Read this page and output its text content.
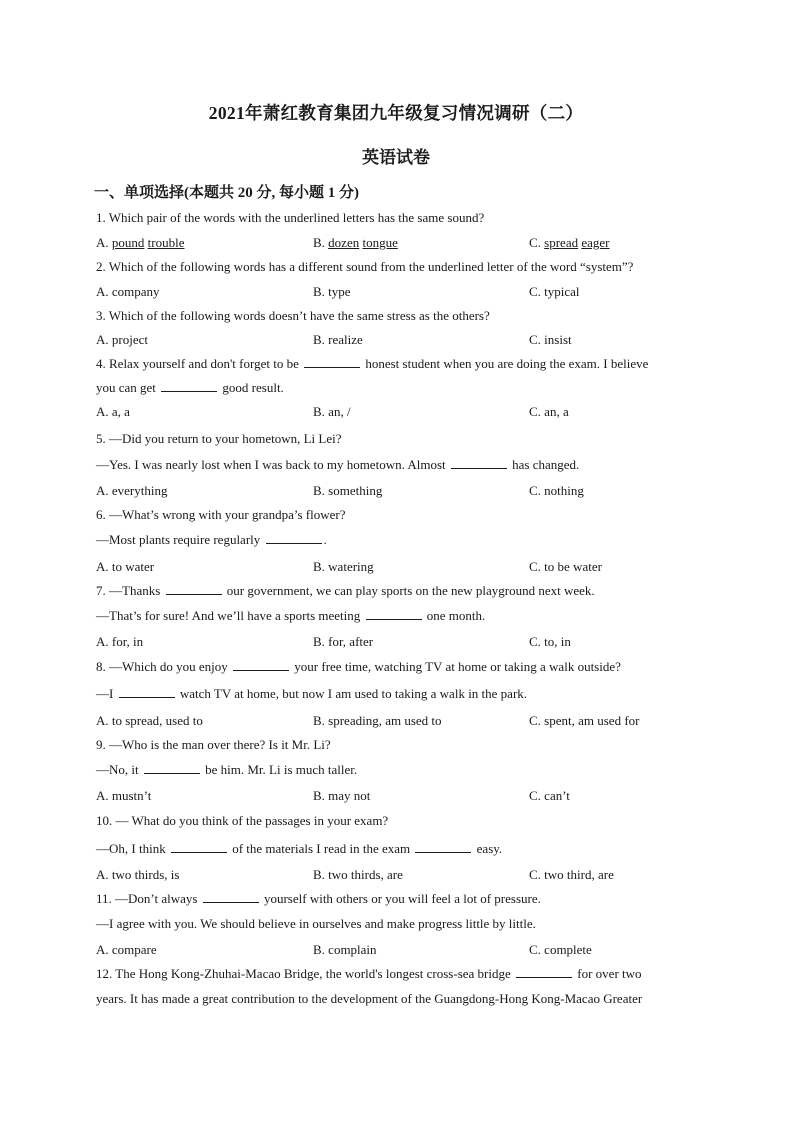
2021年萧红教育集团九年级复习情况调研（二）
英语试卷
一、单项选择(本题共 20 分, 每小题 1 分)
1. Which pair of the words with the underlined letters has the same sound?
A. pound trouble	B. dozen tongue	C. spread eager
2. Which of the following words has a different sound from the underlined letter of the word “system”?
A. company	B. type	C. typical
3. Which of the following words doesn’t have the same stress as the others?
A. project	B. realize	C. insist
4. Relax yourself and don't forget to be	honest student when you are doing the exam. I believe
you can get	good result.
A. a, a	B. an, /	C. an, a
5. —Did you return to your hometown, Li Lei?
—Yes. I was nearly lost when I was back to my hometown. Almost	has changed.
A. everything	B. something	C. nothing
6. —What’s wrong with your grandpa’s flower?
—Most plants require regularly	.
A. to water	B. watering	C. to be water
7. —Thanks	our government, we can play sports on the new playground next week.
—That’s for sure! And we’ll have a sports meeting	one month.
A. for, in	B. for, after	C. to, in
8. —Which do you enjoy	your free time, watching TV at home or taking a walk outside?
—I	watch TV at home, but now I am used to taking a walk in the park.
A. to spread, used to	B. spreading, am used to	C. spent, am used for
9. —Who is the man over there? Is it Mr. Li?
—No, it	be him. Mr. Li is much taller.
A. mustn’t	B. may not	C. can’t
10. — What do you think of the passages in your exam?
—Oh, I think	of the materials I read in the exam	easy.
A. two thirds, is	B. two thirds, are	C. two third, are
11. —Don’t always	yourself with others or you will feel a lot of pressure.
—I agree with you. We should believe in ourselves and make progress little by little.
A. compare	B. complain	C. complete
12. The Hong Kong-Zhuhai-Macao Bridge, the world's longest cross-sea bridge	for over two
years. It has made a great contribution to the development of the Guangdong-Hong Kong-Macao Greater
